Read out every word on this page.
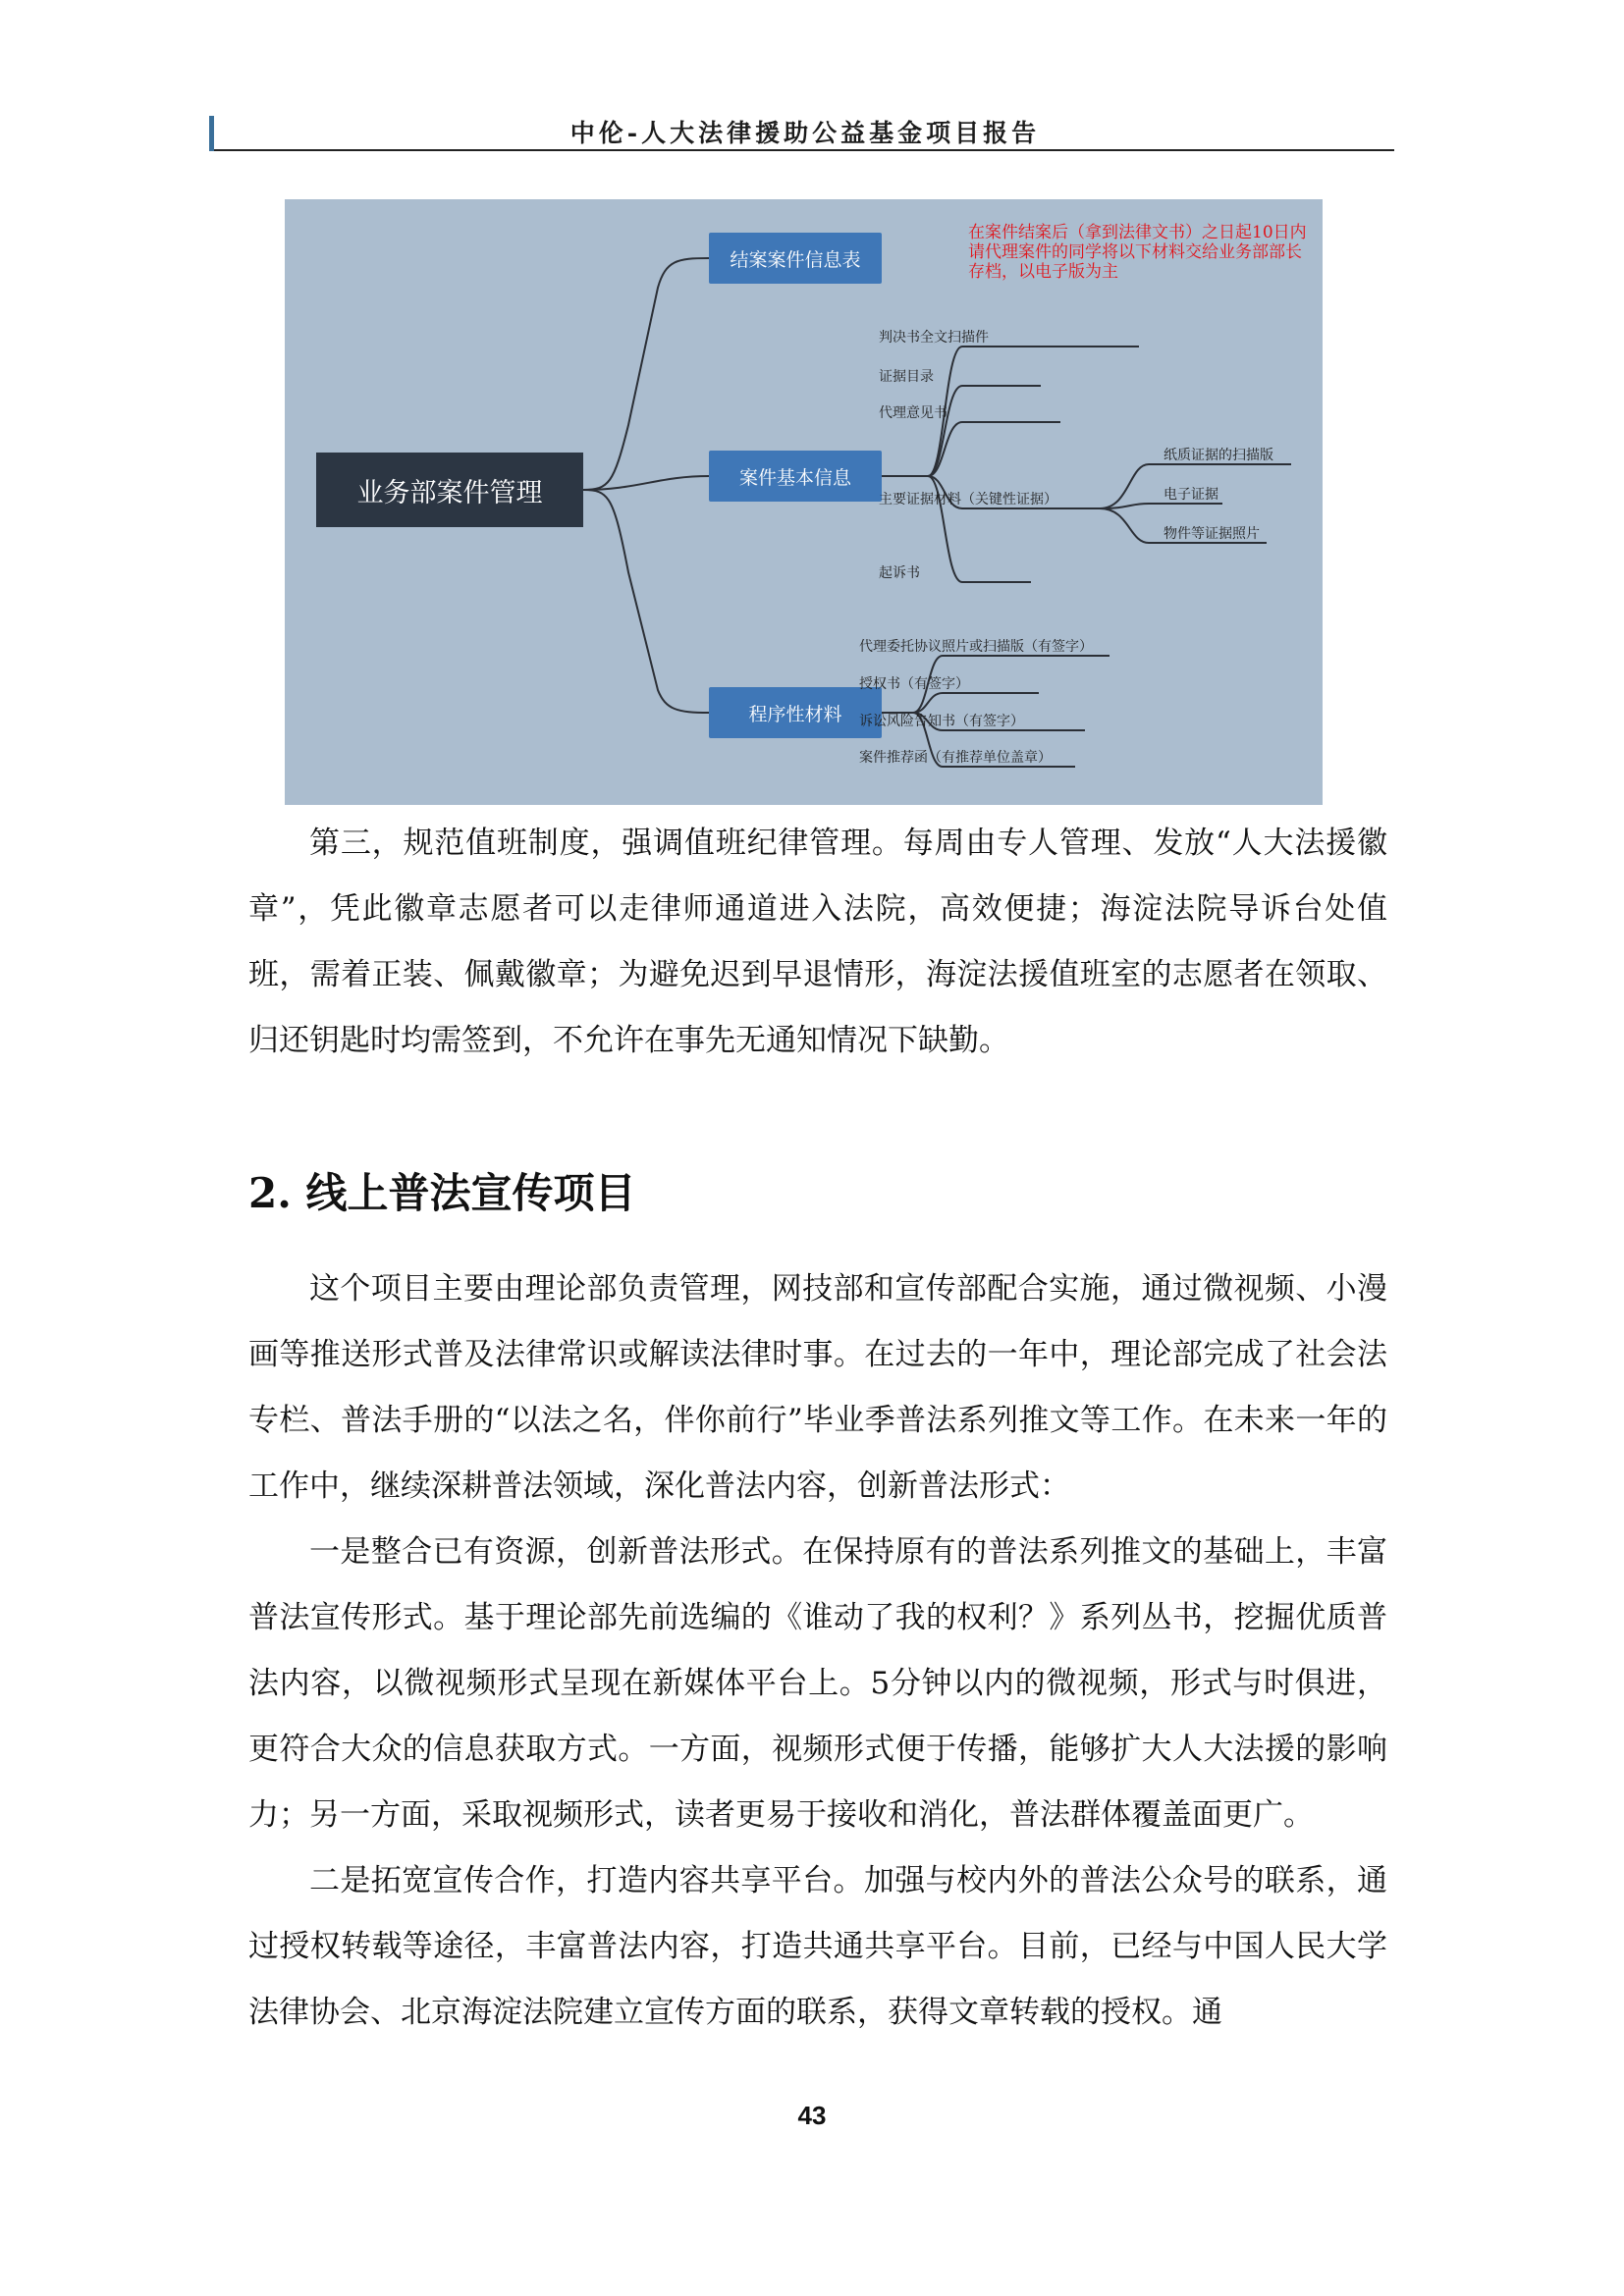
中伦-人大法律援助公益基金项目报告
业务部案件管理
结案案件信息表
案件基本信息
程序性材料
判决书全文扫描件
证据目录
代理意见书
主要证据材料（关键性证据）
起诉书
纸质证据的扫描版
电子证据
物件等证据照片
代理委托协议照片或扫描版（有签字）
授权书（有签字）
诉讼风险告知书（有签字）
案件推荐函（有推荐单位盖章）
在案件结案后（拿到法律文书）之日起10日内请代理案件的同学将以下材料交给业务部部长存档，以电子版为主

第三，规范值班制度，强调值班纪律管理。每周由专人管理、发放“人大法援徽章”，凭此徽章志愿者可以走律师通道进入法院，高效便捷；海淀法院导诉台处值班，需着正装、佩戴徽章；为避免迟到早退情形，海淀法援值班室的志愿者在领取、归还钥匙时均需签到，不允许在事先无通知情况下缺勤。

2. 线上普法宣传项目

这个项目主要由理论部负责管理，网技部和宣传部配合实施，通过微视频、小漫画等推送形式普及法律常识或解读法律时事。在过去的一年中，理论部完成了社会法专栏、普法手册的“以法之名，伴你前行”毕业季普法系列推文等工作。在未来一年的工作中，继续深耕普法领域，深化普法内容，创新普法形式：

一是整合已有资源，创新普法形式。在保持原有的普法系列推文的基础上，丰富普法宣传形式。基于理论部先前选编的《谁动了我的权利？》系列丛书，挖掘优质普法内容，以微视频形式呈现在新媒体平台上。5分钟以内的微视频，形式与时俱进，更符合大众的信息获取方式。一方面，视频形式便于传播，能够扩大人大法援的影响力；另一方面，采取视频形式，读者更易于接收和消化，普法群体覆盖面更广。

二是拓宽宣传合作，打造内容共享平台。加强与校内外的普法公众号的联系，通过授权转载等途径，丰富普法内容，打造共通共享平台。目前，已经与中国人民大学法律协会、北京海淀法院建立宣传方面的联系，获得文章转载的授权。通

43
